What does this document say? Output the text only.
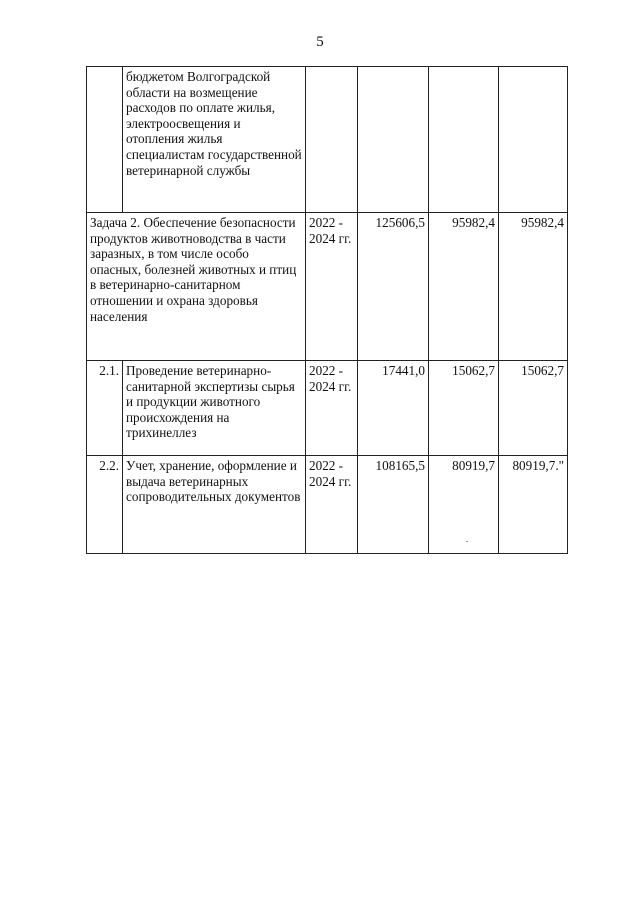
5
	бюджетом Волгоградской области на возмещение расходов по оплате жилья, электроосвещения и отопления жилья специалистам государственной ветеринарной службы				
Задача 2. Обеспечение безопасности продуктов животноводства в части заразных, в том числе особо опасных, болезней животных и птиц в ветеринарно-санитарном отношении и охрана здоровья населения		2022 - 2024 гг.	125606,5	95982,4	95982,4
2.1.	Проведение ветеринарно-санитарной экспертизы сырья и продукции животного происхождения на трихинеллез	2022 - 2024 гг.	17441,0	15062,7	15062,7
2.2.	Учет, хранение, оформление и выдача ветеринарных сопроводительных документов	2022 - 2024 гг.	108165,5	80919,7	80919,7."
